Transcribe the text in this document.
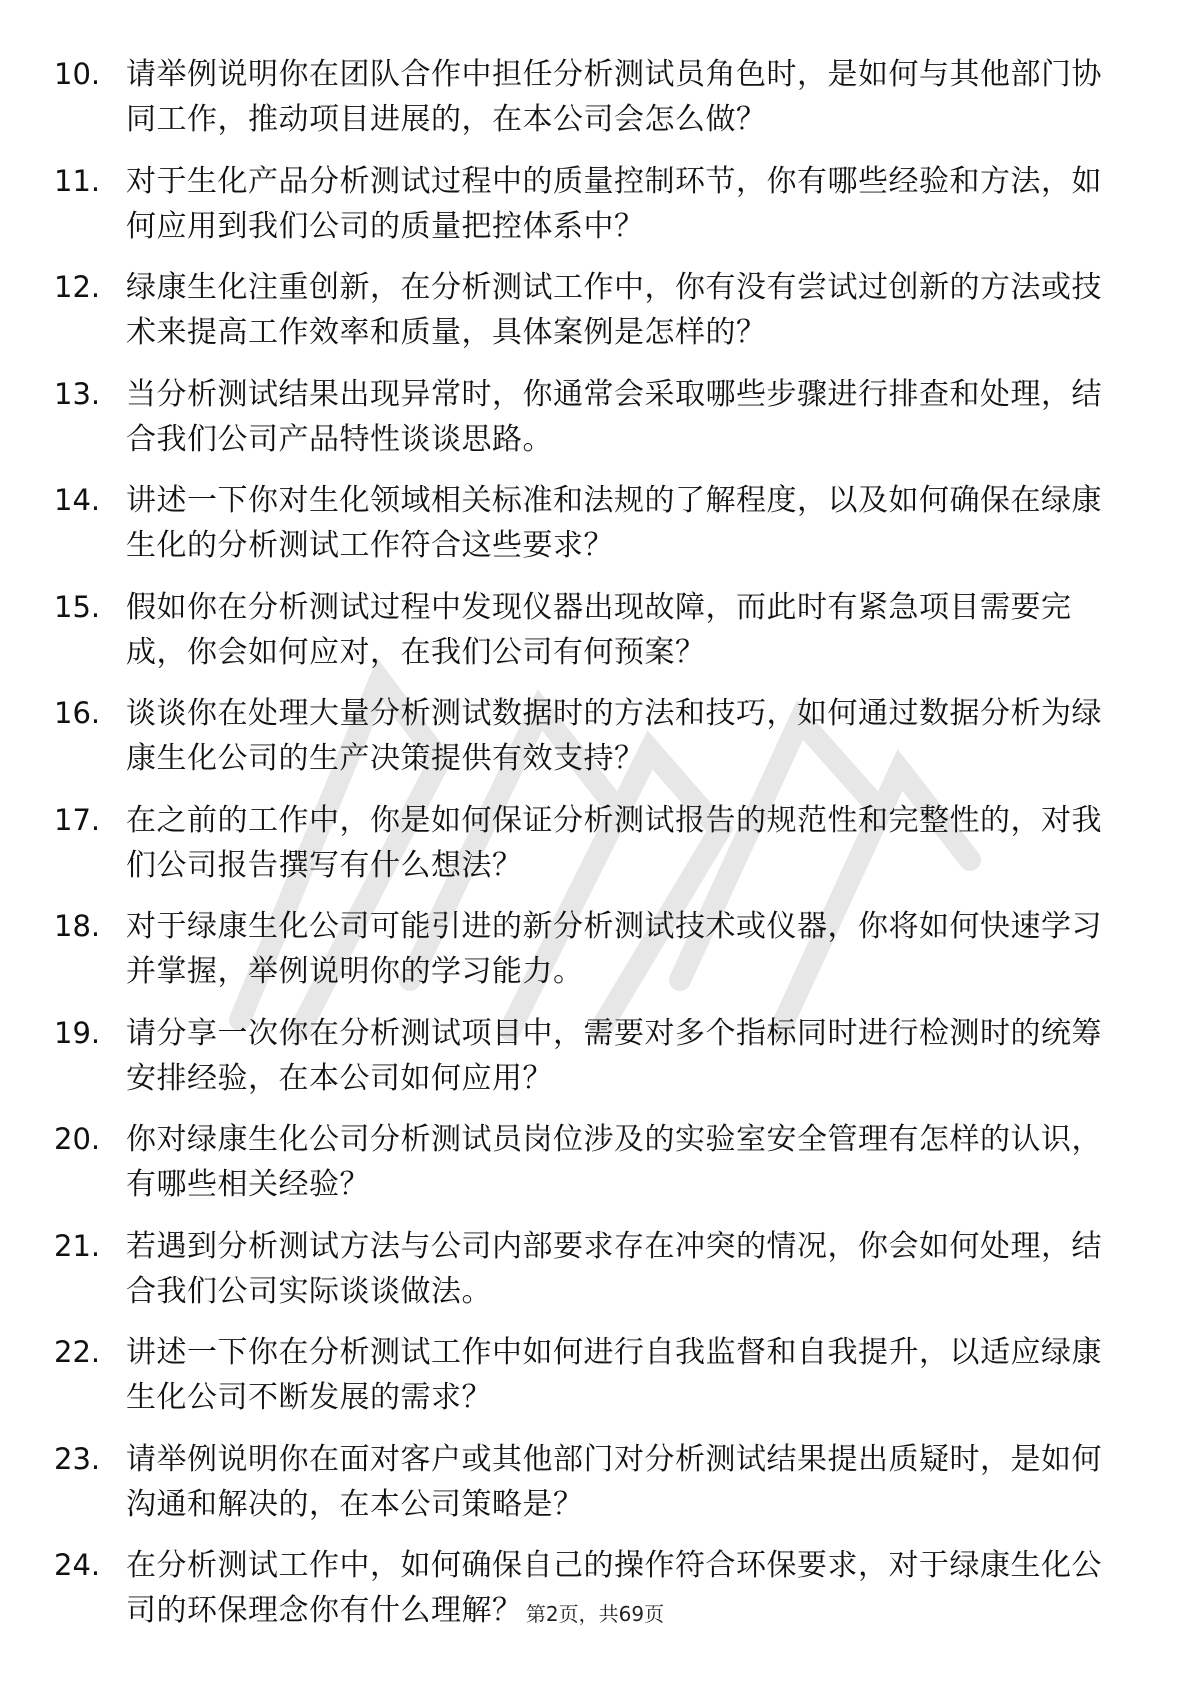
10. 请举例说明你在团队合作中担任分析测试员角色时，是如何与其他部门协同工作，推动项目进展的，在本公司会怎么做？
11. 对于生化产品分析测试过程中的质量控制环节，你有哪些经验和方法，如何应用到我们公司的质量把控体系中？
12. 绿康生化注重创新，在分析测试工作中，你有没有尝试过创新的方法或技术来提高工作效率和质量，具体案例是怎样的？
13. 当分析测试结果出现异常时，你通常会采取哪些步骤进行排查和处理，结合我们公司产品特性谈谈思路。
14. 讲述一下你对生化领域相关标准和法规的了解程度，以及如何确保在绿康生化的分析测试工作符合这些要求？
15. 假如你在分析测试过程中发现仪器出现故障，而此时有紧急项目需要完成，你会如何应对，在我们公司有何预案？
16. 谈谈你在处理大量分析测试数据时的方法和技巧，如何通过数据分析为绿康生化公司的生产决策提供有效支持？
17. 在之前的工作中，你是如何保证分析测试报告的规范性和完整性的，对我们公司报告撰写有什么想法？
18. 对于绿康生化公司可能引进的新分析测试技术或仪器，你将如何快速学习并掌握，举例说明你的学习能力。
19. 请分享一次你在分析测试项目中，需要对多个指标同时进行检测时的统筹安排经验，在本公司如何应用？
20. 你对绿康生化公司分析测试员岗位涉及的实验室安全管理有怎样的认识，有哪些相关经验？
21. 若遇到分析测试方法与公司内部要求存在冲突的情况，你会如何处理，结合我们公司实际谈谈做法。
22. 讲述一下你在分析测试工作中如何进行自我监督和自我提升，以适应绿康生化公司不断发展的需求？
23. 请举例说明你在面对客户或其他部门对分析测试结果提出质疑时，是如何沟通和解决的，在本公司策略是？
24. 在分析测试工作中，如何确保自己的操作符合环保要求，对于绿康生化公司的环保理念你有什么理解？ 第2页，共69页
